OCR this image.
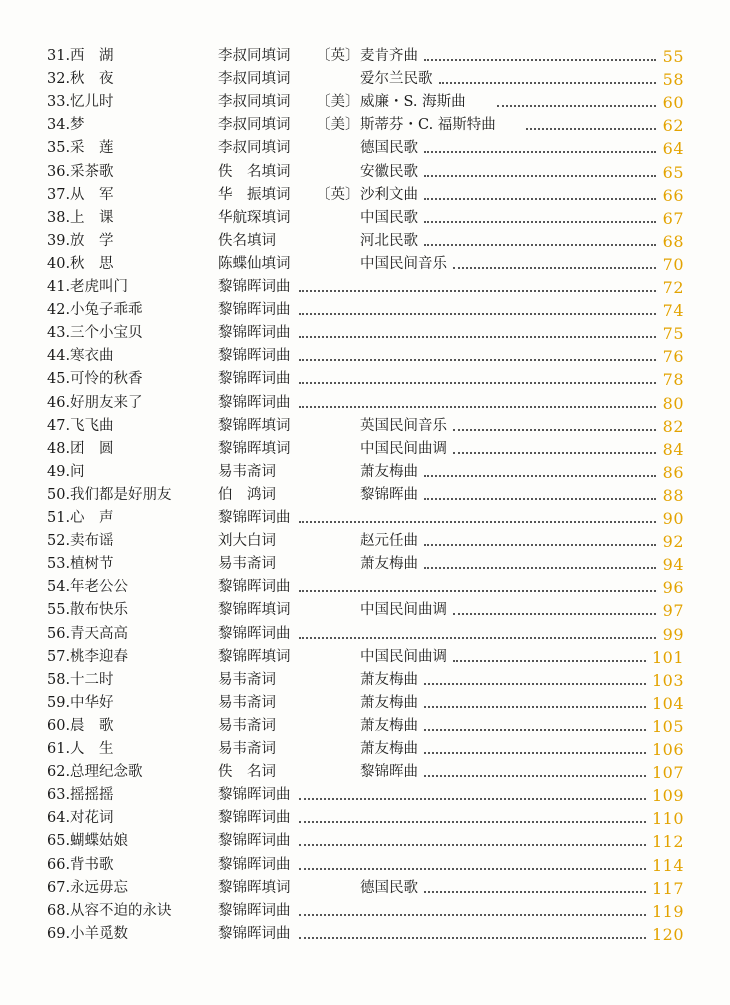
31. 西　湖	李叔同填词 〔英〕 麦肯齐曲	55
32. 秋　夜	李叔同填词	爱尔兰民歌	58
33. 忆儿时	李叔同填词 〔美〕 威廉・S. 海斯曲	60
34. 梦	李叔同填词 〔美〕 斯蒂芬・C. 福斯特曲	62
35. 采　莲	李叔同填词	德国民歌	64
36. 采茶歌	佚　名填词	安徽民歌	65
37. 从　军	华　振填词 〔英〕 沙利文曲	66
38. 上　课	华航琛填词	中国民歌	67
39. 放　学	佚名填词	河北民歌	68
40. 秋　思	陈蝶仙填词	中国民间音乐	70
41. 老虎叫门	黎锦晖词曲	72
42. 小兔子乖乖	黎锦晖词曲	74
43. 三个小宝贝	黎锦晖词曲	75
44. 寒衣曲	黎锦晖词曲	76
45. 可怜的秋香	黎锦晖词曲	78
46. 好朋友来了	黎锦晖词曲	80
47. 飞飞曲	黎锦晖填词	英国民间音乐	82
48. 团　圆	黎锦晖填词	中国民间曲调	84
49. 问	易韦斋词	萧友梅曲	86
50. 我们都是好朋友	伯　鸿词	黎锦晖曲	88
51. 心　声	黎锦晖词曲	90
52. 卖布谣	刘大白词	赵元任曲	92
53. 植树节	易韦斋词	萧友梅曲	94
54. 年老公公	黎锦晖词曲	96
55. 散布快乐	黎锦晖填词	中国民间曲调	97
56. 青天高高	黎锦晖词曲	99
57. 桃李迎春	黎锦晖填词	中国民间曲调	101
58. 十二时	易韦斋词	萧友梅曲	103
59. 中华好	易韦斋词	萧友梅曲	104
60. 晨　歌	易韦斋词	萧友梅曲	105
61. 人　生	易韦斋词	萧友梅曲	106
62. 总理纪念歌	佚　名词	黎锦晖曲	107
63. 摇摇摇	黎锦晖词曲	109
64. 对花词	黎锦晖词曲	110
65. 蝴蝶姑娘	黎锦晖词曲	112
66. 背书歌	黎锦晖词曲	114
67. 永远毋忘	黎锦晖填词	德国民歌	117
68. 从容不迫的永诀	黎锦晖词曲	119
69. 小羊觅数	黎锦晖词曲	120
